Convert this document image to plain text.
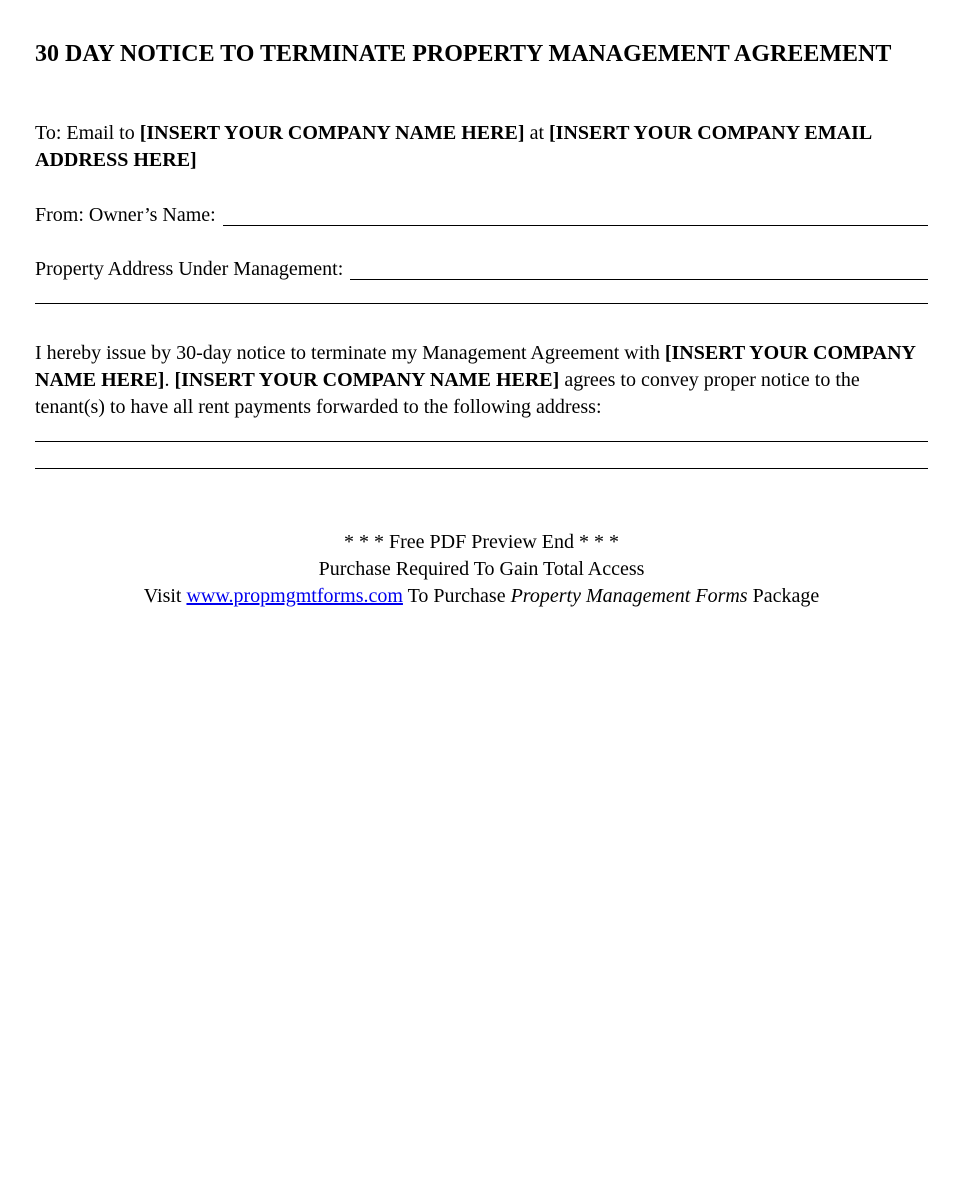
30 DAY NOTICE TO TERMINATE PROPERTY MANAGEMENT AGREEMENT

To: Email to [INSERT YOUR COMPANY NAME HERE] at [INSERT YOUR COMPANY EMAIL ADDRESS HERE]

From: Owner’s Name:
Property Address Under Management:

I hereby issue by 30-day notice to terminate my Management Agreement with [INSERT YOUR COMPANY NAME HERE]. [INSERT YOUR COMPANY NAME HERE] agrees to convey proper notice to the tenant(s) to have all rent payments forwarded to the following address:

* * * Free PDF Preview End * * *
Purchase Required To Gain Total Access
Visit www.propmgmtforms.com To Purchase Property Management Forms Package
